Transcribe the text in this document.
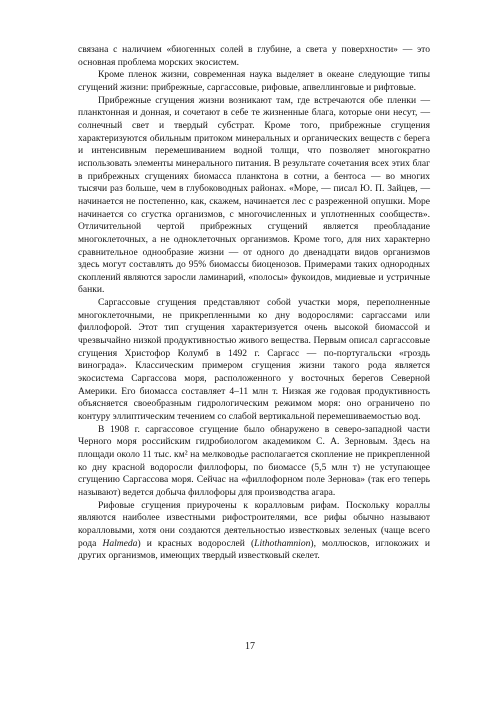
связана с наличием «биогенных солей в глубине, а света у поверхности» — это основная проблема морских экосистем.

Кроме пленок жизни, современная наука выделяет в океане следующие типы сгущений жизни: прибрежные, саргассовые, рифовые, апвеллинговые и рифтовые.

Прибрежные сгущения жизни возникают там, где встречаются обе пленки — планктонная и донная, и сочетают в себе те жизненные блага, которые они несут, — солнечный свет и твердый субстрат. Кроме того, прибрежные сгущения характеризуются обильным притоком минеральных и органических веществ с берега и интенсивным перемешиванием водной толщи, что позволяет многократно использовать элементы минерального питания. В результате сочетания всех этих благ в прибрежных сгущениях биомасса планктона в сотни, а бентоса — во многих тысячи раз больше, чем в глубоководных районах. «Море, — писал Ю. П. Зайцев, — начинается не постепенно, как, скажем, начинается лес с разреженной опушки. Море начинается со сгустка организмов, с многочисленных и уплотненных сообществ». Отличительной чертой прибрежных сгущений является преобладание многоклеточных, а не одноклеточных организмов. Кроме того, для них характерно сравнительное однообразие жизни — от одного до двенадцати видов организмов здесь могут составлять до 95% биомассы биоценозов. Примерами таких однородных скоплений являются заросли ламинарий, «полосы» фукоидов, мидиевые и устричные банки.

Саргассовые сгущения представляют собой участки моря, переполненные многоклеточными, не прикрепленными ко дну водорослями: саргассами или филлофорой. Этот тип сгущения характеризуется очень высокой биомассой и чрезвычайно низкой продуктивностью живого вещества. Первым описал саргассовые сгущения Христофор Колумб в 1492 г. Саргасс — по-португальски «гроздь винограда». Классическим примером сгущения жизни такого рода является экосистема Саргассова моря, расположенного у восточных берегов Северной Америки. Его биомасса составляет 4–11 млн т. Низкая же годовая продуктивность объясняется своеобразным гидрологическим режимом моря: оно ограничено по контуру эллиптическим течением со слабой вертикальной перемешиваемостью вод.

В 1908 г. саргассовое сгущение было обнаружено в северо-западной части Черного моря российским гидробиологом академиком С. А. Зерновым. Здесь на площади около 11 тыс. км² на мелководье располагается скопление не прикрепленной ко дну красной водоросли филлофоры, по биомассе (5,5 млн т) не уступающее сгущению Саргассова моря. Сейчас на «филлофорном поле Зернова» (так его теперь называют) ведется добыча филлофоры для производства агара.

Рифовые сгущения приурочены к коралловым рифам. Поскольку кораллы являются наиболее известными рифостроителями, все рифы обычно называют коралловыми, хотя они создаются деятельностью известковых зеленых (чаще всего рода Halmeda) и красных водорослей (Lithothamnion), моллюсков, иглокожих и других организмов, имеющих твердый известковый скелет.

17
